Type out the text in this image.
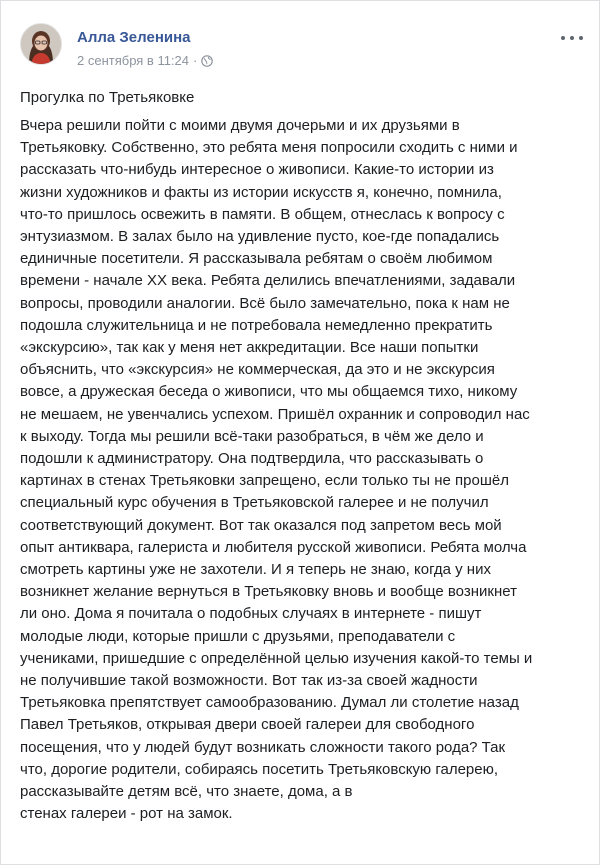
Алла Зеленина
2 сентября в 11:24 ·
Прогулка по Третьяковке
Вчера решили пойти с моими двумя дочерьми и их друзьями в
Третьяковку. Собственно, это ребята меня попросили сходить с ними и
рассказать что-нибудь интересное о живописи. Какие-то истории из
жизни художников и факты из истории искусств я, конечно, помнила,
что-то пришлось освежить в памяти. В общем, отнеслась к вопросу с
энтузиазмом. В залах было на удивление пусто, кое-где попадались
единичные посетители. Я рассказывала ребятам о своём любимом
времени - начале XX века. Ребята делились впечатлениями, задавали
вопросы, проводили аналогии. Всё было замечательно, пока к нам не
подошла служительница и не потребовала немедленно прекратить
«экскурсию», так как у меня нет аккредитации. Все наши попытки
объяснить, что «экскурсия» не коммерческая, да это и не экскурсия
вовсе, а дружеская беседа о живописи, что мы общаемся тихо, никому
не мешаем, не увенчались успехом. Пришёл охранник и сопроводил нас
к выходу. Тогда мы решили всё-таки разобраться, в чём же дело и
подошли к администратору. Она подтвердила, что рассказывать о
картинах в стенах Третьяковки запрещено, если только ты не прошёл
специальный курс обучения в Третьяковской галерее и не получил
соответствующий документ. Вот так оказался под запретом весь мой
опыт антиквара, галериста и любителя русской живописи. Ребята молча
смотреть картины уже не захотели. И я теперь не знаю, когда у них
возникнет желание вернуться в Третьяковку вновь и вообще возникнет
ли оно. Дома я почитала о подобных случаях в интернете - пишут
молодые люди, которые пришли с друзьями, преподаватели с
учениками, пришедшие с определённой целью изучения какой-то темы и
не получившие такой возможности. Вот так из-за своей жадности
Третьяковка препятствует самообразованию. Думал ли столетие назад
Павел Третьяков, открывая двери своей галереи для свободного
посещения, что у людей будут возникать сложности такого рода? Так
что, дорогие родители, собираясь посетить Третьяковскую галерею,
рассказывайте детям всё, что знаете, дома, а в
стенах галереи - рот на замок.
